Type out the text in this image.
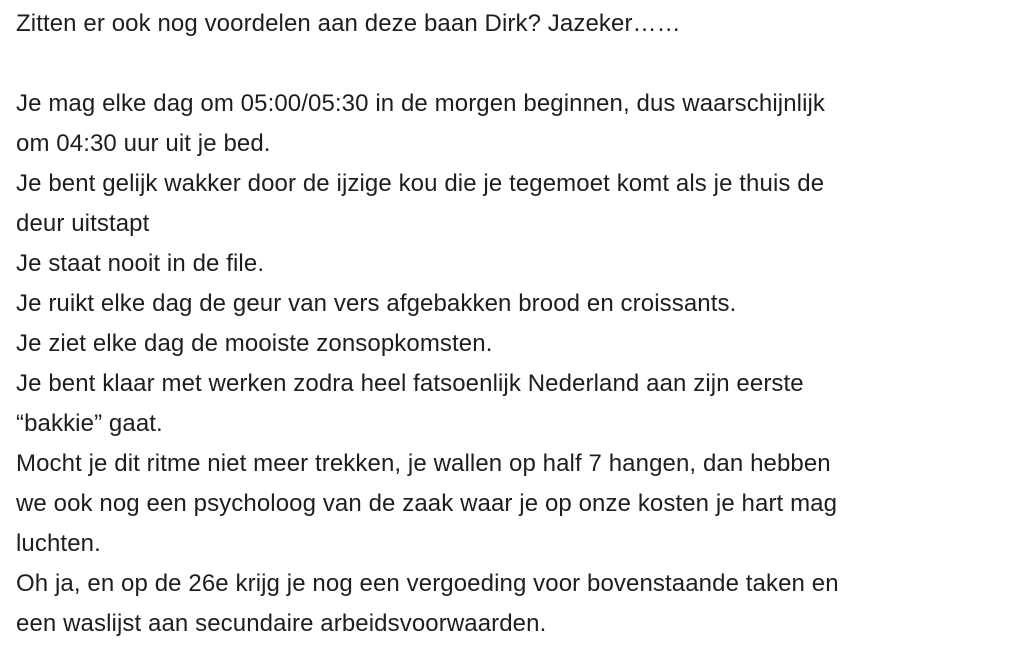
Zitten er ook nog voordelen aan deze baan Dirk? Jazeker……
Je mag elke dag om 05:00/05:30 in de morgen beginnen, dus waarschijnlijk
om 04:30 uur uit je bed.
Je bent gelijk wakker door de ijzige kou die je tegemoet komt als je thuis de
deur uitstapt
Je staat nooit in de file.
Je ruikt elke dag de geur van vers afgebakken brood en croissants.
Je ziet elke dag de mooiste zonsopkomsten.
Je bent klaar met werken zodra heel fatsoenlijk Nederland aan zijn eerste
“bakkie” gaat.
Mocht je dit ritme niet meer trekken, je wallen op half 7 hangen, dan hebben
we ook nog een psycholoog van de zaak waar je op onze kosten je hart mag
luchten.
Oh ja, en op de 26e krijg je nog een vergoeding voor bovenstaande taken en
een waslijst aan secundaire arbeidsvoorwaarden.
